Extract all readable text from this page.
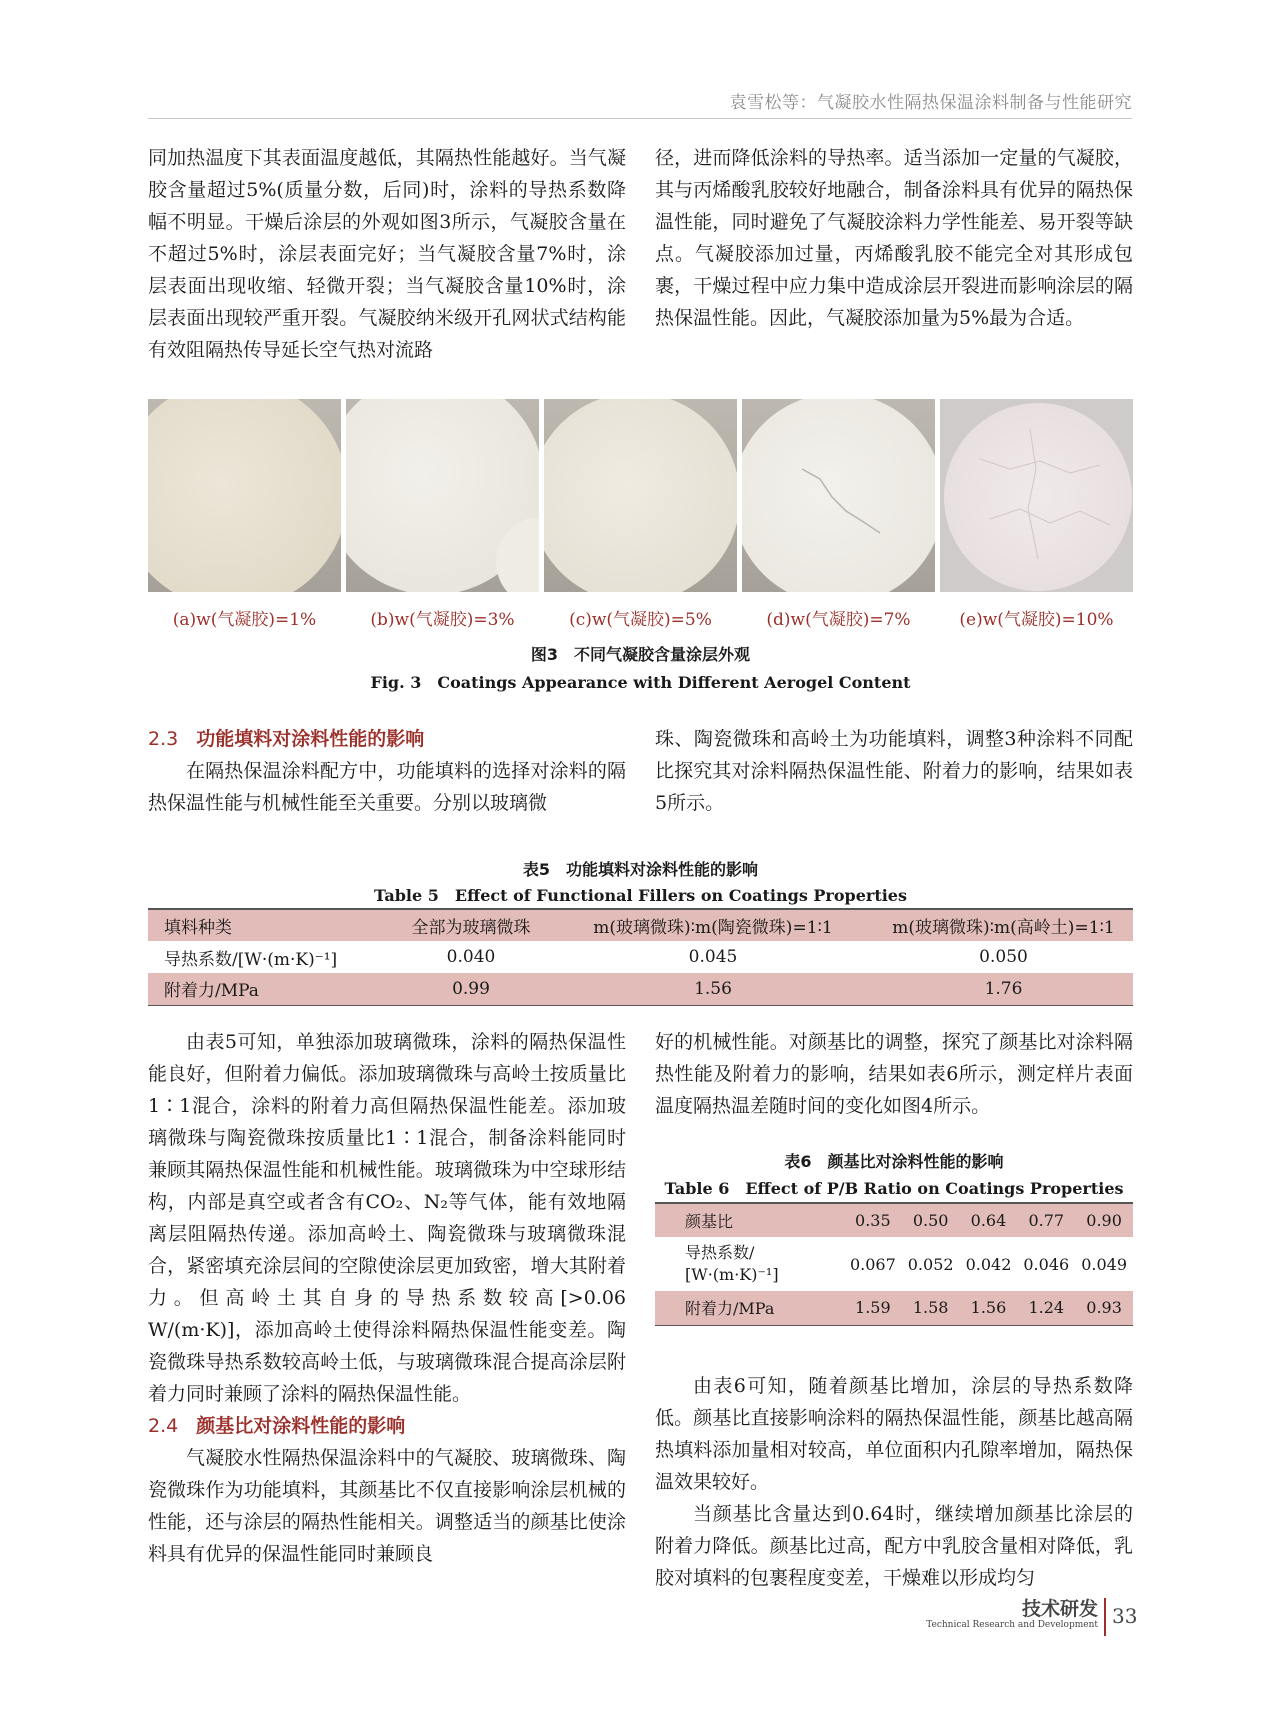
袁雪松等：气凝胶水性隔热保温涂料制备与性能研究

同加热温度下其表面温度越低，其隔热性能越好。当气凝胶含量超过5%(质量分数，后同)时，涂料的导热系数降幅不明显。干燥后涂层的外观如图3所示，气凝胶含量在不超过5%时，涂层表面完好；当气凝胶含量7%时，涂层表面出现收缩、轻微开裂；当气凝胶含量10%时，涂层表面出现较严重开裂。气凝胶纳米级开孔网状式结构能有效阻隔热传导延长空气热对流路

径，进而降低涂料的导热率。适当添加一定量的气凝胶，其与丙烯酸乳胶较好地融合，制备涂料具有优异的隔热保温性能，同时避免了气凝胶涂料力学性能差、易开裂等缺点。气凝胶添加过量，丙烯酸乳胶不能完全对其形成包裹，干燥过程中应力集中造成涂层开裂进而影响涂层的隔热保温性能。因此，气凝胶添加量为5%最为合适。

(a)w(气凝胶)=1%	(b)w(气凝胶)=3%	(c)w(气凝胶)=5%	(d)w(气凝胶)=7%	(e)w(气凝胶)=10%
图3　不同气凝胶含量涂层外观
Fig. 3　Coatings Appearance with Different Aerogel Content
2.3 功能填料对涂料性能的影响

在隔热保温涂料配方中，功能填料的选择对涂料的隔热保温性能与机械性能至关重要。分别以玻璃微

珠、陶瓷微珠和高岭土为功能填料，调整3种涂料不同配比探究其对涂料隔热保温性能、附着力的影响，结果如表5所示。

表5　功能填料对涂料性能的影响
Table 5　Effect of Functional Fillers on Coatings Properties
填料种类	全部为玻璃微珠	m(玻璃微珠)∶m(陶瓷微珠)=1∶1	m(玻璃微珠)∶m(高岭土)=1∶1
导热系数/[W·(m·K)⁻¹]	0.040	0.045	0.050
附着力/MPa	0.99	1.56	1.76

由表5可知，单独添加玻璃微珠，涂料的隔热保温性能良好，但附着力偏低。添加玻璃微珠与高岭土按质量比1∶1混合，涂料的附着力高但隔热保温性能差。添加玻璃微珠与陶瓷微珠按质量比1∶1混合，制备涂料能同时兼顾其隔热保温性能和机械性能。玻璃微珠为中空球形结构，内部是真空或者含有CO₂、N₂等气体，能有效地隔离层阻隔热传递。添加高岭土、陶瓷微珠与玻璃微珠混合，紧密填充涂层间的空隙使涂层更加致密，增大其附着力。但高岭土其自身的导热系数较高[>0.06 W/(m·K)]，添加高岭土使得涂料隔热保温性能变差。陶瓷微珠导热系数较高岭土低，与玻璃微珠混合提高涂层附着力同时兼顾了涂料的隔热保温性能。

2.4 颜基比对涂料性能的影响

气凝胶水性隔热保温涂料中的气凝胶、玻璃微珠、陶瓷微珠作为功能填料，其颜基比不仅直接影响涂层机械的性能，还与涂层的隔热性能相关。调整适当的颜基比使涂料具有优异的保温性能同时兼顾良

好的机械性能。对颜基比的调整，探究了颜基比对涂料隔热性能及附着力的影响，结果如表6所示，测定样片表面温度隔热温差随时间的变化如图4所示。

表6　颜基比对涂料性能的影响
Table 6　Effect of P/B Ratio on Coatings Properties
颜基比	0.35	0.50	0.64	0.77	0.90

导热系数/
[W·(m·K)⁻¹]	0.067	0.052	0.042	0.046	0.049
附着力/MPa	1.59	1.58	1.56	1.24	0.93

由表6可知，随着颜基比增加，涂层的导热系数降低。颜基比直接影响涂料的隔热保温性能，颜基比越高隔热填料添加量相对较高，单位面积内孔隙率增加，隔热保温效果较好。

当颜基比含量达到0.64时，继续增加颜基比涂层的附着力降低。颜基比过高，配方中乳胶含量相对降低，乳胶对填料的包裹程度变差，干燥难以形成均匀

技术研发
Technical Research and Development 33
